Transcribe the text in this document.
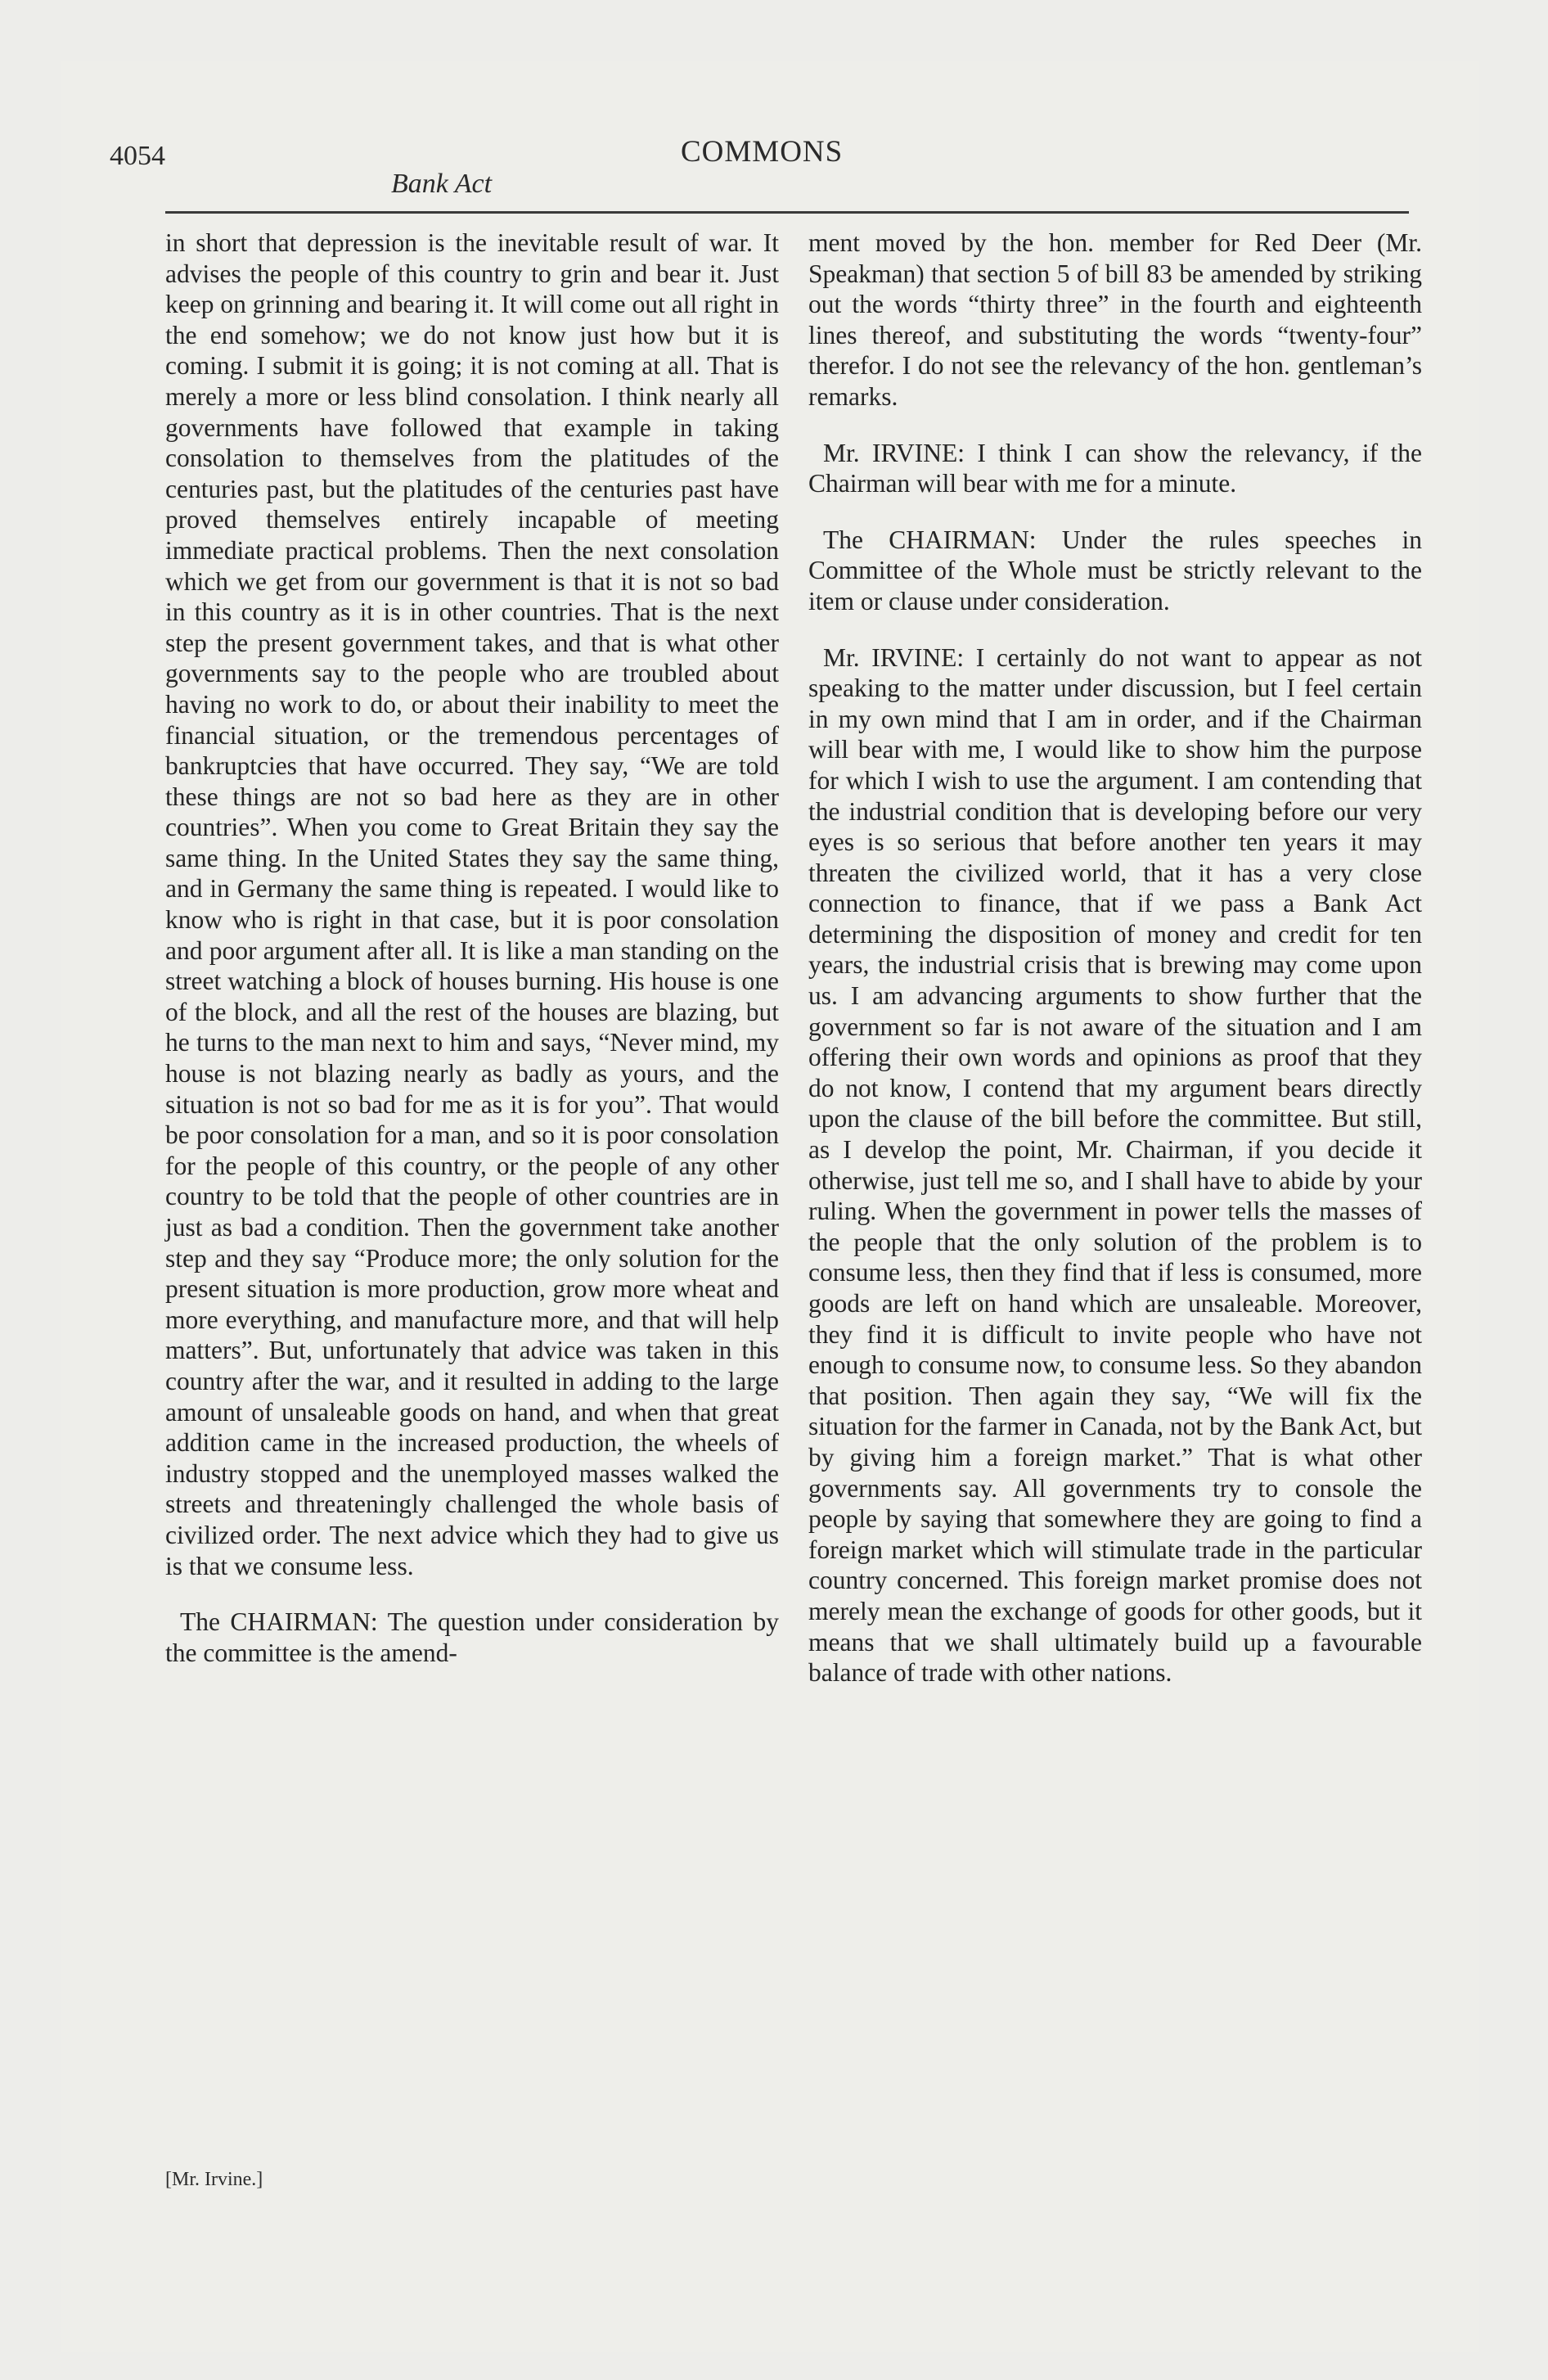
4054	COMMONS
Bank Act

in short that depression is the inevitable result of war. It advises the people of this country to grin and bear it. Just keep on grinning and bearing it. It will come out all right in the end somehow; we do not know just how but it is coming. I submit it is going; it is not coming at all. That is merely a more or less blind consolation. I think nearly all governments have followed that example in taking consolation to themselves from the platitudes of the centuries past, but the platitudes of the centuries past have proved themselves entirely incapable of meeting immediate practical problems. Then the next consolation which we get from our government is that it is not so bad in this country as it is in other countries. That is the next step the present government takes, and that is what other governments say to the people who are troubled about having no work to do, or about their inability to meet the financial situation, or the tremendous percentages of bankruptcies that have occurred. They say, “We are told these things are not so bad here as they are in other countries”. When you come to Great Britain they say the same thing. In the United States they say the same thing, and in Germany the same thing is repeated. I would like to know who is right in that case, but it is poor consolation and poor argument after all. It is like a man standing on the street watching a block of houses burning. His house is one of the block, and all the rest of the houses are blazing, but he turns to the man next to him and says, “Never mind, my house is not blazing nearly as badly as yours, and the situation is not so bad for me as it is for you”. That would be poor consolation for a man, and so it is poor consolation for the people of this country, or the people of any other country to be told that the people of other countries are in just as bad a condition. Then the government take another step and they say “Produce more; the only solution for the present situation is more production, grow more wheat and more everything, and manufacture more, and that will help matters”. But, unfortunately that advice was taken in this country after the war, and it resulted in adding to the large amount of unsaleable goods on hand, and when that great addition came in the increased production, the wheels of industry stopped and the unemployed masses walked the streets and threateningly challenged the whole basis of civilized order. The next advice which they had to give us is that we consume less.

The CHAIRMAN: The question under consideration by the committee is the amend-

ment moved by the hon. member for Red Deer (Mr. Speakman) that section 5 of bill 83 be amended by striking out the words “thirty three” in the fourth and eighteenth lines thereof, and substituting the words “twenty-four” therefor. I do not see the relevancy of the hon. gentleman’s remarks.

Mr. IRVINE: I think I can show the relevancy, if the Chairman will bear with me for a minute.

The CHAIRMAN: Under the rules speeches in Committee of the Whole must be strictly relevant to the item or clause under consideration.

Mr. IRVINE: I certainly do not want to appear as not speaking to the matter under discussion, but I feel certain in my own mind that I am in order, and if the Chairman will bear with me, I would like to show him the purpose for which I wish to use the argument. I am contending that the industrial condition that is developing before our very eyes is so serious that before another ten years it may threaten the civilized world, that it has a very close connection to finance, that if we pass a Bank Act determining the disposition of money and credit for ten years, the industrial crisis that is brewing may come upon us. I am advancing arguments to show further that the government so far is not aware of the situation and I am offering their own words and opinions as proof that they do not know, I contend that my argument bears directly upon the clause of the bill before the committee. But still, as I develop the point, Mr. Chairman, if you decide it otherwise, just tell me so, and I shall have to abide by your ruling. When the government in power tells the masses of the people that the only solution of the problem is to consume less, then they find that if less is consumed, more goods are left on hand which are unsaleable. Moreover, they find it is difficult to invite people who have not enough to consume now, to consume less. So they abandon that position. Then again they say, “We will fix the situation for the farmer in Canada, not by the Bank Act, but by giving him a foreign market.” That is what other governments say. All governments try to console the people by saying that somewhere they are going to find a foreign market which will stimulate trade in the particular country concerned. This foreign market promise does not merely mean the exchange of goods for other goods, but it means that we shall ultimately build up a favourable balance of trade with other nations.

[Mr. Irvine.]
